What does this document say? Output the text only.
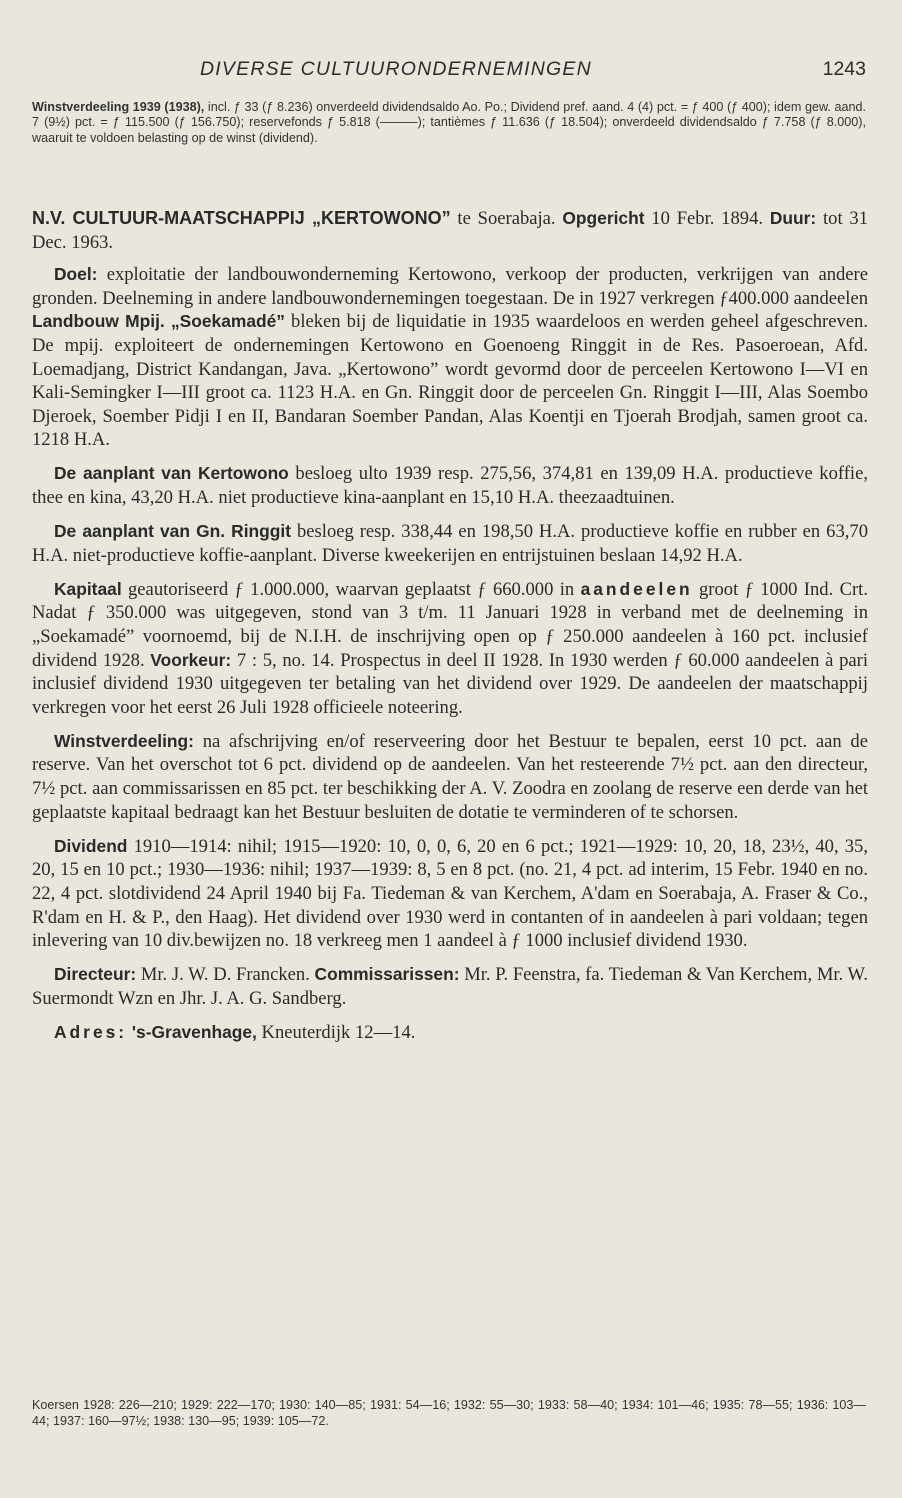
DIVERSE CULTUURONDERNEMINGEN	1243
Winstverdeeling 1939 (1938), incl. ƒ 33 (ƒ 8.236) onverdeeld dividendsaldo Ao. Po.; Dividend pref. aand. 4 (4) pct. = ƒ 400 (ƒ 400); idem gew. aand. 7 (9½) pct. = ƒ 115.500 (ƒ 156.750); reservefonds ƒ 5.818 (———); tantièmes ƒ 11.636 (ƒ 18.504); onverdeeld dividendsaldo ƒ 7.758 (ƒ 8.000), waaruit te voldoen belasting op de winst (dividend).

N.V. CULTUUR-MAATSCHAPPIJ „KERTOWONO” te Soerabaja. Opgericht 10 Febr. 1894. Duur: tot 31 Dec. 1963.

Doel: exploitatie der landbouwonderneming Kertowono, verkoop der producten, verkrijgen van andere gronden. Deelneming in andere landbouwondernemingen toegestaan. De in 1927 verkregen ƒ400.000 aandeelen Landbouw Mpij. „Soekamadé” bleken bij de liquidatie in 1935 waardeloos en werden geheel afgeschreven. De mpij. exploiteert de ondernemingen Kertowono en Goenoeng Ringgit in de Res. Pasoeroean, Afd. Loemadjang, District Kandangan, Java. „Kertowono” wordt gevormd door de perceelen Kertowono I—VI en Kali-Semingker I—III groot ca. 1123 H.A. en Gn. Ringgit door de perceelen Gn. Ringgit I—III, Alas Soembo Djeroek, Soember Pidji I en II, Bandaran Soember Pandan, Alas Koentji en Tjoerah Brodjah, samen groot ca. 1218 H.A.

De aanplant van Kertowono besloeg ulto 1939 resp. 275,56, 374,81 en 139,09 H.A. productieve koffie, thee en kina, 43,20 H.A. niet productieve kina-aanplant en 15,10 H.A. theezaadtuinen.

De aanplant van Gn. Ringgit besloeg resp. 338,44 en 198,50 H.A. productieve koffie en rubber en 63,70 H.A. niet-productieve koffie-aanplant. Diverse kweekerijen en entrijstuinen beslaan 14,92 H.A.

Kapitaal geautoriseerd ƒ 1.000.000, waarvan geplaatst ƒ 660.000 in aandeelen groot ƒ 1000 Ind. Crt. Nadat ƒ 350.000 was uitgegeven, stond van 3 t/m. 11 Januari 1928 in verband met de deelneming in „Soekamadé” voornoemd, bij de N.I.H. de inschrijving open op ƒ 250.000 aandeelen à 160 pct. inclusief dividend 1928. Voorkeur: 7 : 5, no. 14. Prospectus in deel II 1928. In 1930 werden ƒ 60.000 aandeelen à pari inclusief dividend 1930 uitgegeven ter betaling van het dividend over 1929. De aandeelen der maatschappij verkregen voor het eerst 26 Juli 1928 officieele noteering.

Winstverdeeling: na afschrijving en/of reserveering door het Bestuur te bepalen, eerst 10 pct. aan de reserve. Van het overschot tot 6 pct. dividend op de aandeelen. Van het resteerende 7½ pct. aan den directeur, 7½ pct. aan commissarissen en 85 pct. ter beschikking der A. V. Zoodra en zoolang de reserve een derde van het geplaatste kapitaal bedraagt kan het Bestuur besluiten de dotatie te verminderen of te schorsen.

Dividend 1910—1914: nihil; 1915—1920: 10, 0, 0, 6, 20 en 6 pct.; 1921—1929: 10, 20, 18, 23½, 40, 35, 20, 15 en 10 pct.; 1930—1936: nihil; 1937—1939: 8, 5 en 8 pct. (no. 21, 4 pct. ad interim, 15 Febr. 1940 en no. 22, 4 pct. slotdividend 24 April 1940 bij Fa. Tiedeman & van Kerchem, A'dam en Soerabaja, A. Fraser & Co., R'dam en H. & P., den Haag). Het dividend over 1930 werd in contanten of in aandeelen à pari voldaan; tegen inlevering van 10 div.bewijzen no. 18 verkreeg men 1 aandeel à ƒ 1000 inclusief dividend 1930.

Directeur: Mr. J. W. D. Francken. Commissarissen: Mr. P. Feenstra, fa. Tiedeman & Van Kerchem, Mr. W. Suermondt Wzn en Jhr. J. A. G. Sandberg.

Adres: 's-Gravenhage, Kneuterdijk 12—14.

Koersen 1928: 226—210; 1929: 222—170; 1930: 140—85; 1931: 54—16; 1932: 55—30; 1933: 58—40; 1934: 101—46; 1935: 78—55; 1936: 103—44; 1937: 160—97½; 1938: 130—95; 1939: 105—72.
